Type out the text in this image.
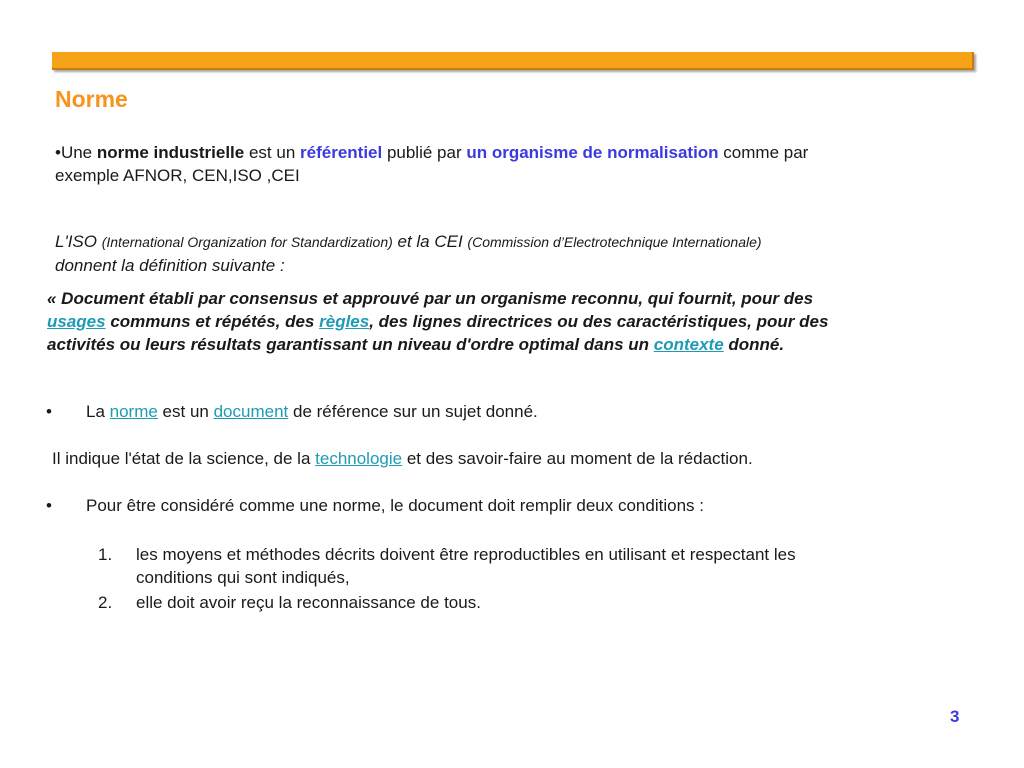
Norme
•Une norme industrielle est un référentiel publié par un organisme de normalisation comme par
exemple AFNOR, CEN,ISO ,CEI
L'ISO (International Organization for Standardization) et la CEI (Commission d’Electrotechnique Internationale)
donnent la définition suivante :
« Document établi par consensus et approuvé par un organisme reconnu, qui fournit, pour des
usages communs et répétés, des règles, des lignes directrices ou des caractéristiques, pour des
activités ou leurs résultats garantissant un niveau d'ordre optimal dans un contexte donné.
• La norme est un document de référence sur un sujet donné.
Il indique l'état de la science, de la technologie et des savoir-faire au moment de la rédaction.
• Pour être considéré comme une norme, le document doit remplir deux conditions :
1. les moyens et méthodes décrits doivent être reproductibles en utilisant et respectant les
conditions qui sont indiqués,
2. elle doit avoir reçu la reconnaissance de tous.
3
